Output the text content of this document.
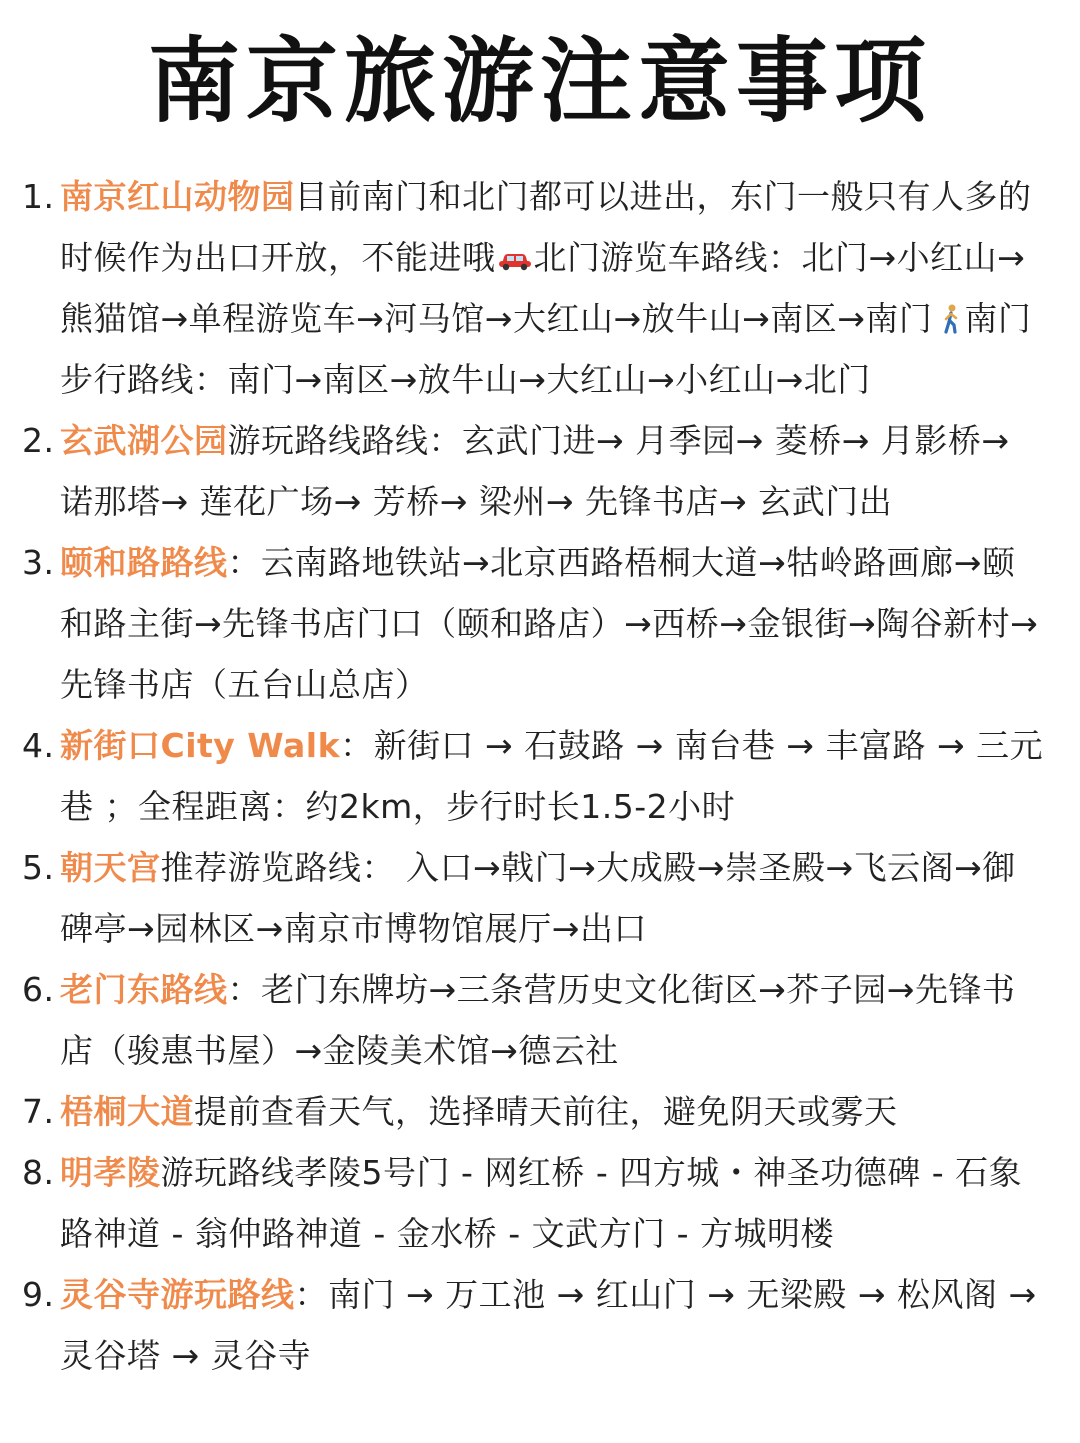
南京旅游注意事项
1. 南京红山动物园目前南门和北门都可以进出，东门一般只有人多的时候作为出口开放，不能进哦 北门游览车路线：北门→小红山→熊猫馆→单程游览车→河马馆→大红山→放牛山→南区→南门 南门步行路线：南门→南区→放牛山→大红山→小红山→北门
2. 玄武湖公园游玩路线路线：玄武门进→ 月季园→ 菱桥→ 月影桥→ 诺那塔→ 莲花广场→ 芳桥→ 梁州→ 先锋书店→ 玄武门出
3. 颐和路路线：云南路地铁站→北京西路梧桐大道→牯岭路画廊→颐和路主街→先锋书店门口（颐和路店）→西桥→金银街→陶谷新村→先锋书店（五台山总店）
4. 新街口City Walk：新街口 → 石鼓路 → 南台巷 → 丰富路 → 三元巷 ；全程距离：约2km，步行时长1.5-2小时
5. 朝天宫推荐游览路线： 入口→戟门→大成殿→崇圣殿→飞云阁→御碑亭→园林区→南京市博物馆展厅→出口
6. 老门东路线：老门东牌坊→三条营历史文化街区→芥子园→先锋书店（骏惠书屋）→金陵美术馆→德云社
7. 梧桐大道提前查看天气，选择晴天前往，避免阴天或雾天
8. 明孝陵游玩路线孝陵5号门 - 网红桥 - 四方城・神圣功德碑 - 石象路神道 - 翁仲路神道 - 金水桥 - 文武方门 - 方城明楼
9. 灵谷寺游玩路线：南门 → 万工池 → 红山门 → 无梁殿 → 松风阁 → 灵谷塔 → 灵谷寺
